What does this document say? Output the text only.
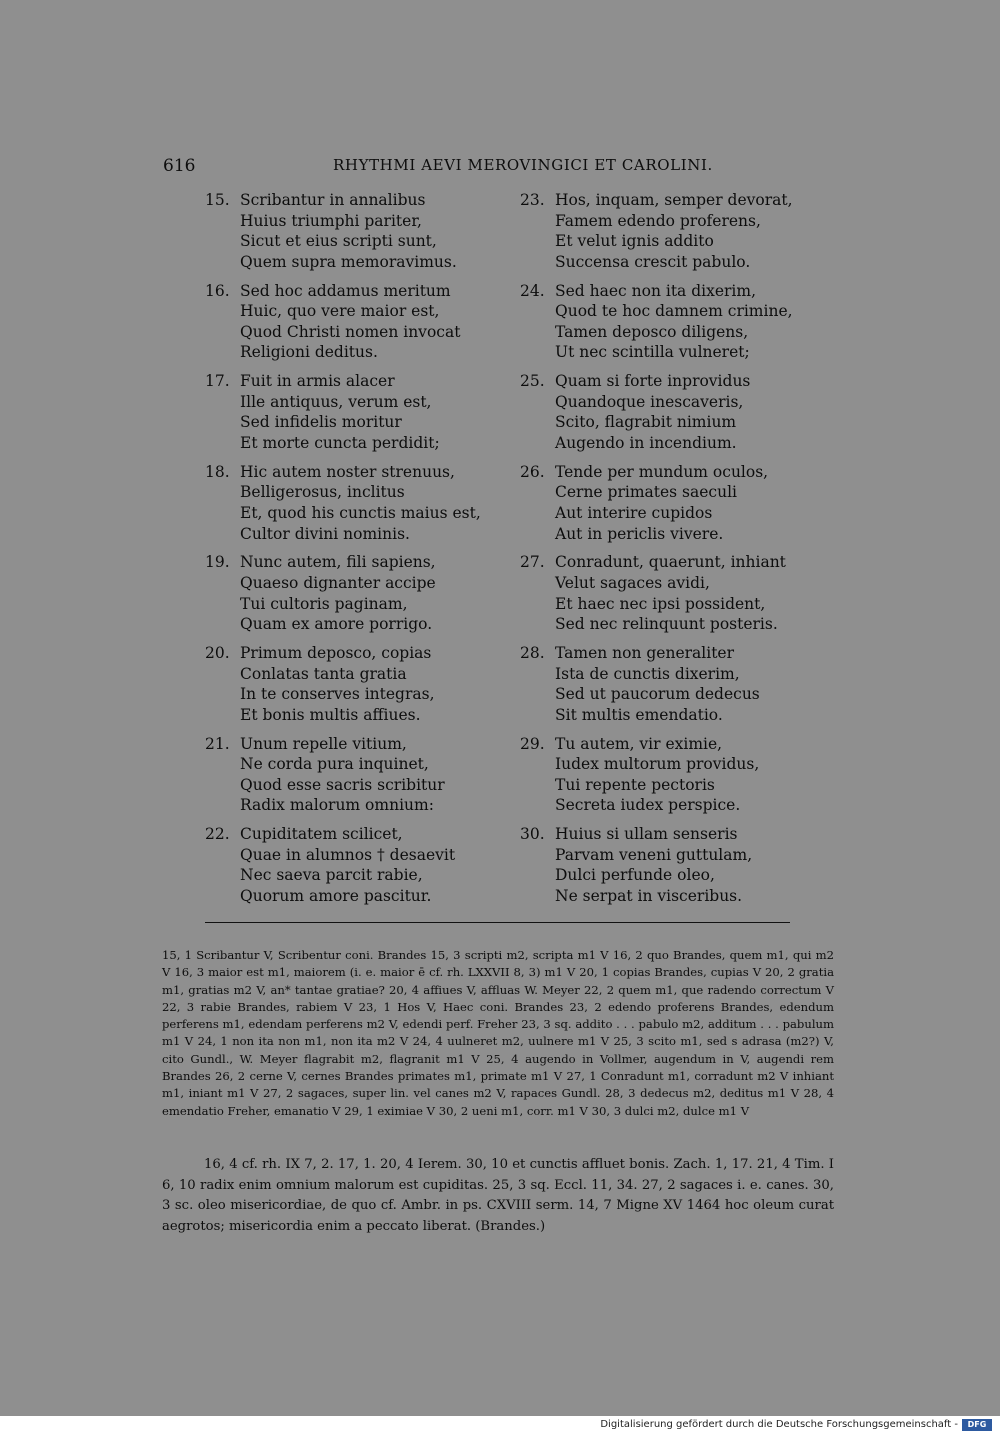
616	RHYTHMI AEVI MEROVINGICI ET CAROLINI.
15. Scribantur in annalibus
Huius triumphi pariter,
Sicut et eius scripti sunt,
Quem supra memoravimus.
16. Sed hoc addamus meritum
Huic, quo vere maior est,
Quod Christi nomen invocat
Religioni deditus.
17. Fuit in armis alacer
Ille antiquus, verum est,
Sed infidelis moritur
Et morte cuncta perdidit;
18. Hic autem noster strenuus,
Belligerosus, inclitus
Et, quod his cunctis maius est,
Cultor divini nominis.
19. Nunc autem, fili sapiens,
Quaeso dignanter accipe
Tui cultoris paginam,
Quam ex amore porrigo.
20. Primum deposco, copias
Conlatas tanta gratia
In te conserves integras,
Et bonis multis affiues.
21. Unum repelle vitium,
Ne corda pura inquinet,
Quod esse sacris scribitur
Radix malorum omnium:
22. Cupiditatem scilicet,
Quae in alumnos † desaevit
Nec saeva parcit rabie,
Quorum amore pascitur.
23. Hos, inquam, semper devorat,
Famem edendo proferens,
Et velut ignis addito
Succensa crescit pabulo.
24. Sed haec non ita dixerim,
Quod te hoc damnem crimine,
Tamen deposco diligens,
Ut nec scintilla vulneret;
25. Quam si forte inprovidus
Quandoque inescaveris,
Scito, flagrabit nimium
Augendo in incendium.
26. Tende per mundum oculos,
Cerne primates saeculi
Aut interire cupidos
Aut in periclis vivere.
27. Conradunt, quaerunt, inhiant
Velut sagaces avidi,
Et haec nec ipsi possident,
Sed nec relinquunt posteris.
28. Tamen non generaliter
Ista de cunctis dixerim,
Sed ut paucorum dedecus
Sit multis emendatio.
29. Tu autem, vir eximie,
Iudex multorum providus,
Tui repente pectoris
Secreta iudex perspice.
30. Huius si ullam senseris
Parvam veneni guttulam,
Dulci perfunde oleo,
Ne serpat in visceribus.

15, 1 Scribantur V, Scribentur coni. Brandes 15, 3 scripti m2, scripta m1 V 16, 2 quo Brandes, quem m1, qui m2 V 16, 3 maior est m1, maiorem (i. e. maior ē cf. rh. LXXVII 8, 3) m1 V 20, 1 copias Brandes, cupias V 20, 2 gratia m1, gratias m2 V, an* tantae gratiae? 20, 4 affiues V, affluas W. Meyer 22, 2 quem m1, que radendo correctum V 22, 3 rabie Brandes, rabiem V 23, 1 Hos V, Haec coni. Brandes 23, 2 edendo proferens Brandes, edendum perferens m1, edendam perferens m2 V, edendi perf. Freher 23, 3 sq. addito . . . pabulo m2, additum . . . pabulum m1 V 24, 1 non ita non m1, non ita m2 V 24, 4 uulneret m2, uulnere m1 V 25, 3 scito m1, sed s adrasa (m2?) V, cito Gundl., W. Meyer flagrabit m2, flagranit m1 V 25, 4 augendo in Vollmer, augendum in V, augendi rem Brandes 26, 2 cerne V, cernes Brandes primates m1, primate m1 V 27, 1 Conradunt m1, corradunt m2 V inhiant m1, iniant m1 V 27, 2 sagaces, super lin. vel canes m2 V, rapaces Gundl. 28, 3 dedecus m2, deditus m1 V 28, 4 emendatio Freher, emanatio V 29, 1 eximiae V 30, 2 ueni m1, corr. m1 V 30, 3 dulci m2, dulce m1 V

16, 4 cf. rh. IX 7, 2. 17, 1. 20, 4 Ierem. 30, 10 et cunctis affluet bonis. Zach. 1, 17. 21, 4 Tim. I 6, 10 radix enim omnium malorum est cupiditas. 25, 3 sq. Eccl. 11, 34. 27, 2 sagaces i. e. canes. 30, 3 sc. oleo misericordiae, de quo cf. Ambr. in ps. CXVIII serm. 14, 7 Migne XV 1464 hoc oleum curat aegrotos; misericordia enim a peccato liberat. (Brandes.)

Digitalisierung gefördert durch die Deutsche Forschungsgemeinschaft -	DFG
